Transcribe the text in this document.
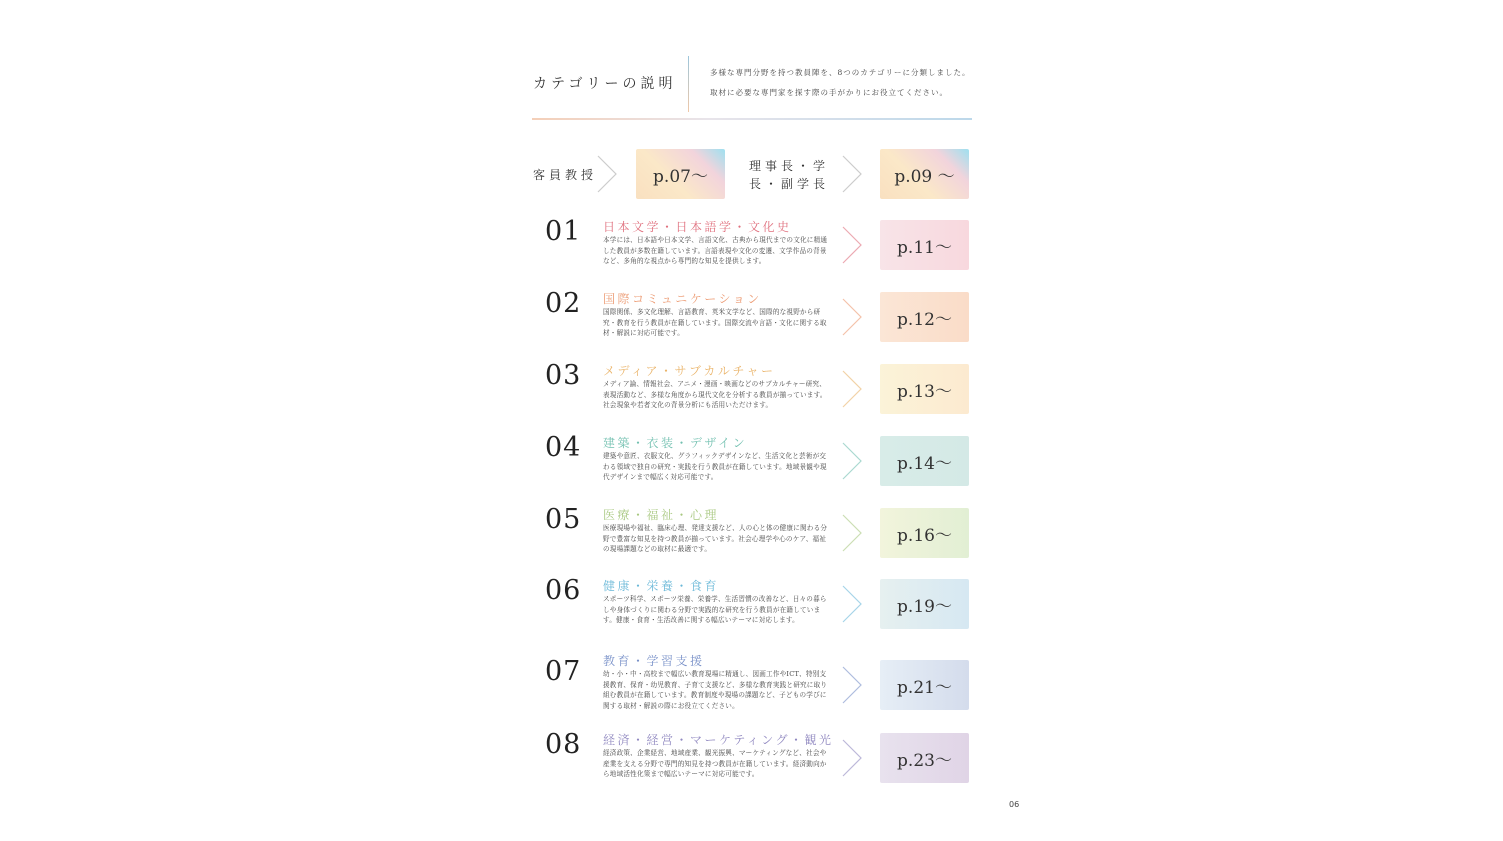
カテゴリーの説明
多様な専門分野を持つ教員陣を、8つのカテゴリーに分類しました。
取材に必要な専門家を探す際の手がかりにお役立てください。
客員教授	p.07〜
理事長・学長・副学長	p.09 〜
01 日本文学・日本語学・文化史
本学には、日本語や日本文学、言語文化、古典から現代までの文化に精通した教員が多数在籍しています。言語表現や文化の変遷、文学作品の背景など、多角的な視点から専門的な知見を提供します。
p.11〜
02 国際コミュニケーション
国際関係、多文化理解、言語教育、英米文学など、国際的な視野から研究・教育を行う教員が在籍しています。国際交流や言語・文化に関する取材・解説に対応可能です。
p.12〜
03 メディア・サブカルチャー
メディア論、情報社会、アニメ・漫画・映画などのサブカルチャー研究、表現活動など、多様な角度から現代文化を分析する教員が揃っています。社会現象や若者文化の背景分析にも活用いただけます。
p.13〜
04 建築・衣装・デザイン
建築や意匠、衣服文化、グラフィックデザインなど、生活文化と芸術が交わる領域で独自の研究・実践を行う教員が在籍しています。地域景観や現代デザインまで幅広く対応可能です。
p.14〜
05 医療・福祉・心理
医療現場や福祉、臨床心理、発達支援など、人の心と体の健康に関わる分野で豊富な知見を持つ教員が揃っています。社会心理学や心のケア、福祉の現場課題などの取材に最適です。
p.16〜
06 健康・栄養・食育
スポーツ科学、スポーツ栄養、栄養学、生活習慣の改善など、日々の暮らしや身体づくりに関わる分野で実践的な研究を行う教員が在籍しています。健康・食育・生活改善に関する幅広いテーマに対応します。
p.19〜
07 教育・学習支援
幼・小・中・高校まで幅広い教育現場に精通し、図画工作やICT、特別支援教育、保育・幼児教育、子育て支援など、多様な教育実践と研究に取り組む教員が在籍しています。教育制度や現場の課題など、子どもの学びに関する取材・解説の際にお役立てください。
p.21〜
08 経済・経営・マーケティング・観光
経済政策、企業経営、地域産業、観光振興、マーケティングなど、社会や産業を支える分野で専門的知見を持つ教員が在籍しています。経済動向から地域活性化策まで幅広いテーマに対応可能です。
p.23〜
06
